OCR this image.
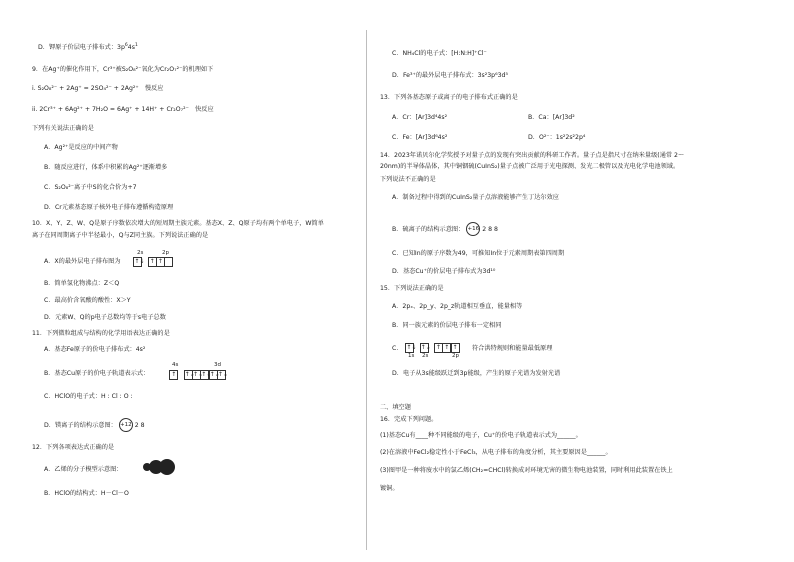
D．钾原子价层电子排布式：$3p^64s^1$
9．在Ag⁺的催化作用下，Cr³⁺被S₂O₈²⁻氧化为Cr₂O₇²⁻的机理如下
i. S₂O₈²⁻ + 2Ag⁺ = 2SO₄²⁻ + 2Ag²⁺　慢反应
ii. 2Cr³⁺ + 6Ag²⁺ + 7H₂O = 6Ag⁺ + 14H⁺ + Cr₂O₇²⁻　快反应
下列有关说法正确的是
A．Ag²⁺是反应的中间产物
B．随反应进行，体系中积累的Ag²⁺逐渐增多
C．S₂O₈²⁻离子中S的化合价为+7
D．Cr元素基态原子核外电子排布遵循构造原理
10．X、Y、Z、W、Q是原子序数依次增大的短周期主族元素。基态X、Z、Q原子均有两个单电子，W简单
离子在同周期离子中半径最小，Q与Z同主族。下列说法正确的是
A．X的最外层电子排布图为
2s	2p
↑↓ ↑ ↑
B．简单氢化物沸点：Z＜Q
C．最高价含氧酸的酸性：X＞Y
D．元素W、Q的p电子总数均等于s电子总数
11．下列微粒组成与结构的化学用语表达正确的是
A．基态Fe原子的价电子排布式：4s²
B．基态Cu原子的价电子轨道表示式：
4s	3d
↑	↑↓
↑↓
↑↓
↑↓
↑↓
C．HClO的电子式：H : Cl : O :
D．镁离子的结构示意图： +12 2 8
12．下列各项表达式正确的是
A．乙烯的分子模型示意图：
B．HClO的结构式：H－Cl－O
C．NH₄Cl的电子式：[H:N:H]⁺Cl⁻
D．Fe³⁺的最外层电子排布式：3s²3p⁶3d⁵
13．下列各基态原子或离子的电子排布式正确的是
A．Cr：[Ar]3d⁴4s²	B．Ca：[Ar]3d²
C．Fe：[Ar]3d⁶4s²	D．O²⁻：1s²2s²2p⁴
14．2023年诺贝尔化学奖授予对量子点的发现有突出贡献的科研工作者。量子点是指尺寸在纳米量级(通常 2～
20nm)的半导体晶体，其中铜铟硫(CuInS₂)量子点被广泛用于光电探测、发光二极管以及光电化学电池领域。
下列说法不正确的是
A．制备过程中得到的CuInS₂量子点溶液能够产生丁达尔效应
B．硫离子的结构示意图： +16 2 8 8
C．已知In的原子序数为49，可推知In位于元素周期表第四周期
D．基态Cu⁺的价层电子排布式为3d¹⁰
15．下列说法正确的是
A．2pₓ、2p_y、2p_z轨道相互垂直，能量相等
B．同一族元素的价层电子排布一定相同
C． ↑↓ ↑↓ ↑ ↑ ↑
1s 2s	2p
符合洪特规则和能量最低原理
D．电子从3s能级跃迁到3p能级，产生的原子光谱为发射光谱
二、填空题
16．完成下列问题。
(1)基态Cu有____种不同能级的电子，Cu⁺的价电子轨道表示式为______。
(2)在溶液中FeCl₂稳定性小于FeCl₃，从电子排布的角度分析，其主要原因是______。
(3)图甲是一种将废水中的氯乙烯(CH₂=CHCl)转换成对环境无害的微生物电池装置，同时利用此装置在铁上
镀铜。
